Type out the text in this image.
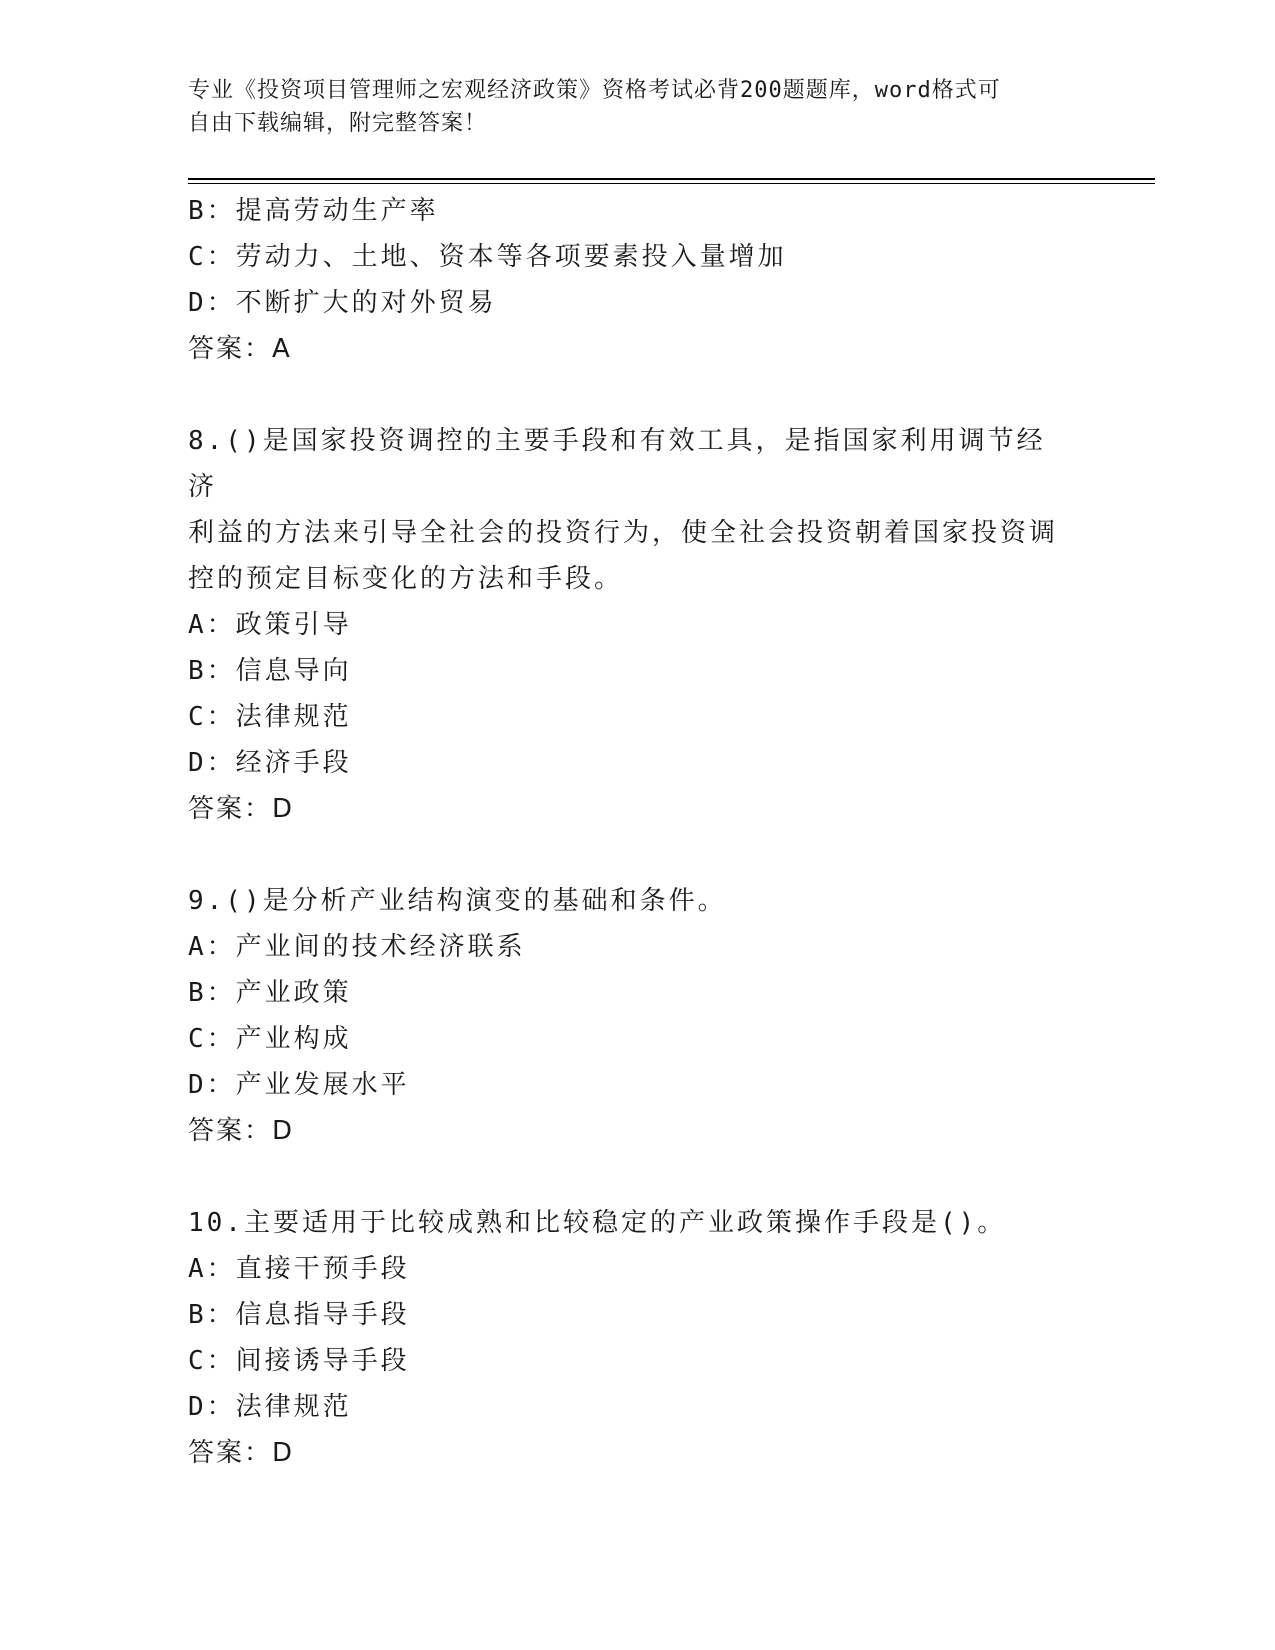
专业《投资项目管理师之宏观经济政策》资格考试必背200题题库，word格式可
自由下载编辑，附完整答案！
B：提高劳动生产率
C：劳动力、土地、资本等各项要素投入量增加
D：不断扩大的对外贸易
答案：A
8.()是国家投资调控的主要手段和有效工具，是指国家利用调节经济
利益的方法来引导全社会的投资行为，使全社会投资朝着国家投资调
控的预定目标变化的方法和手段。
A：政策引导
B：信息导向
C：法律规范
D：经济手段
答案：D
9.()是分析产业结构演变的基础和条件。
A：产业间的技术经济联系
B：产业政策
C：产业构成
D：产业发展水平
答案：D
10.主要适用于比较成熟和比较稳定的产业政策操作手段是()。
A：直接干预手段
B：信息指导手段
C：间接诱导手段
D：法律规范
答案：D
